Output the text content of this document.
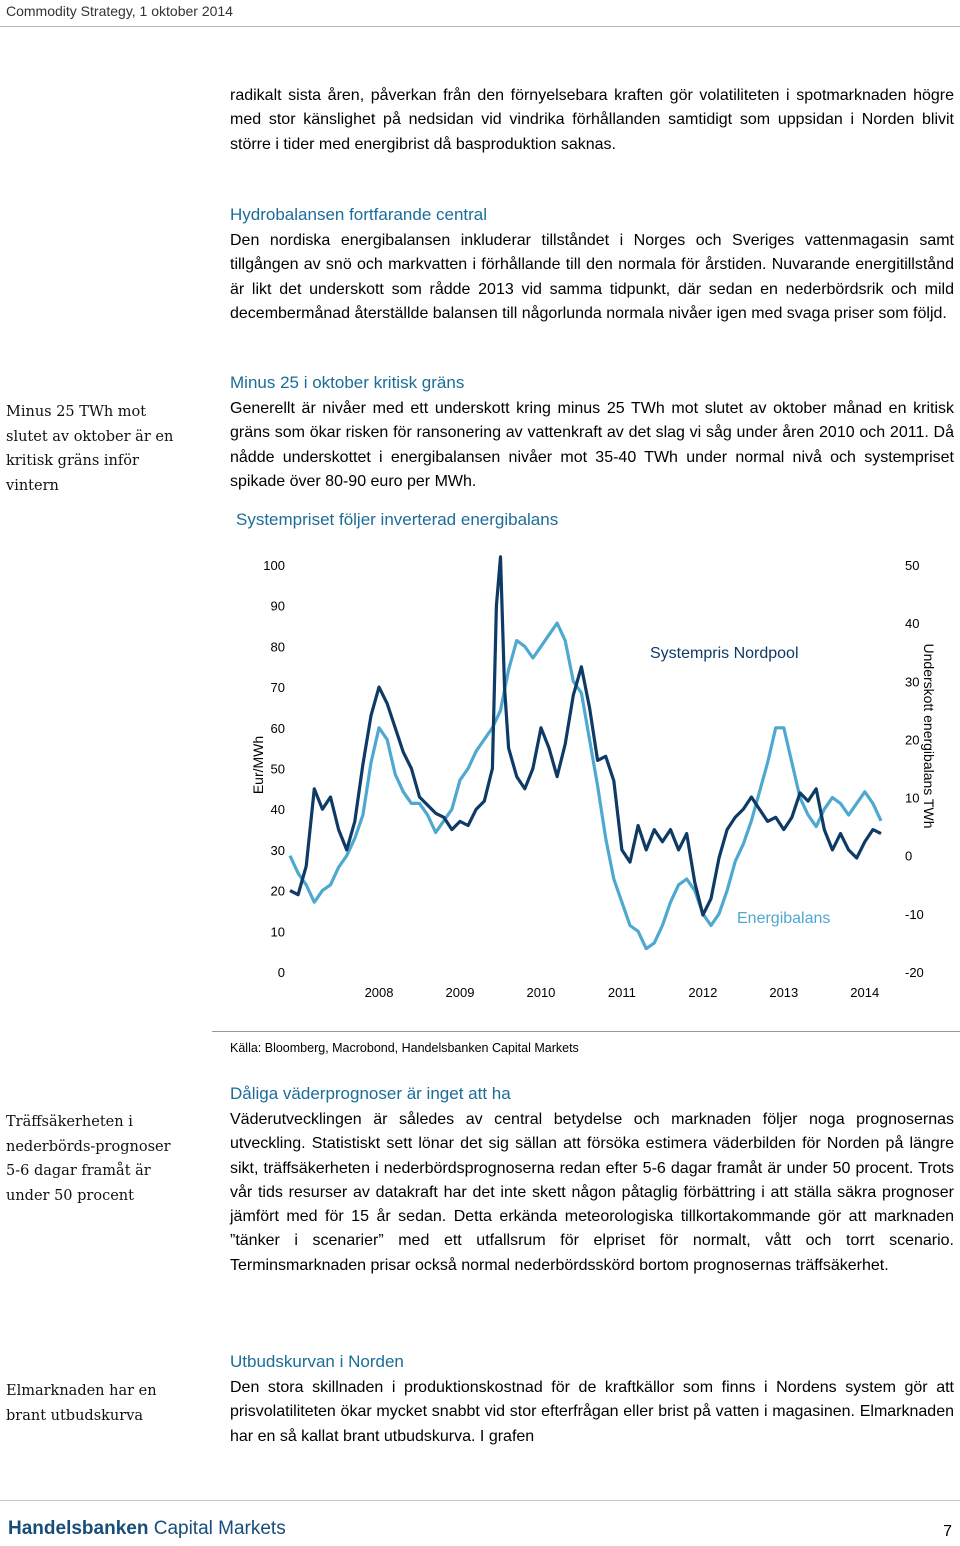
Commodity Strategy, 1 oktober 2014

radikalt sista åren, påverkan från den förnyelsebara kraften gör volatiliteten i spotmarknaden högre med stor känslighet på nedsidan vid vindrika förhållanden samtidigt som uppsidan i Norden blivit större i tider med energibrist då basproduktion saknas.

Hydrobalansen fortfarande central

Den nordiska energibalansen inkluderar tillståndet i Norges och Sveriges vattenmagasin samt tillgången av snö och markvatten i förhållande till den normala för årstiden. Nuvarande energitillstånd är likt det underskott som rådde 2013 vid samma tidpunkt, där sedan en nederbördsrik och mild decembermånad återställde balansen till någorlunda normala nivåer igen med svaga priser som följd.

Minus 25 TWh mot slutet av oktober är en kritisk gräns inför vintern
Minus 25 i oktober kritisk gräns

Generellt är nivåer med ett underskott kring minus 25 TWh mot slutet av oktober månad en kritisk gräns som ökar risken för ransonering av vattenkraft av det slag vi såg under åren 2010 och 2011. Då nådde underskottet i energibalansen nivåer mot 35-40 TWh under normal nivå och systempriset spikade över 80-90 euro per MWh.

Systempriset följer inverterad energibalans
100
90
80
70
60
50
40
30
20
10
0
50
40
30
20
10
0
-10
-20
2008	2009	2010	2011	2012	2013	2014
Eur/MWh	Underskott energibalans TWh
Systempris Nordpool
Energibalans
Källa: Bloomberg, Macrobond, Handelsbanken Capital Markets
Träffsäkerheten i nederbörds-prognoser 5-6 dagar framåt är under 50 procent
Dåliga väderprognoser är inget att ha

Väderutvecklingen är således av central betydelse och marknaden följer noga prognosernas utveckling. Statistiskt sett lönar det sig sällan att försöka estimera väderbilden för Norden på längre sikt, träffsäkerheten i nederbördsprognoserna redan efter 5-6 dagar framåt är under 50 procent. Trots vår tids resurser av datakraft har det inte skett någon påtaglig förbättring i att ställa säkra prognoser jämfört med för 15 år sedan. Detta erkända meteorologiska tillkortakommande gör att marknaden ”tänker i scenarier” med ett utfallsrum för elpriset för normalt, vått och torrt scenario. Terminsmarknaden prisar också normal nederbördsskörd bortom prognosernas träffsäkerhet.

Elmarknaden har en brant utbudskurva
Utbudskurvan i Norden

Den stora skillnaden i produktionskostnad för de kraftkällor som finns i Nordens system gör att prisvolatiliteten ökar mycket snabbt vid stor efterfrågan eller brist på vatten i magasinen. Elmarknaden har en så kallat brant utbudskurva. I grafen

Handelsbanken Capital Markets	7
